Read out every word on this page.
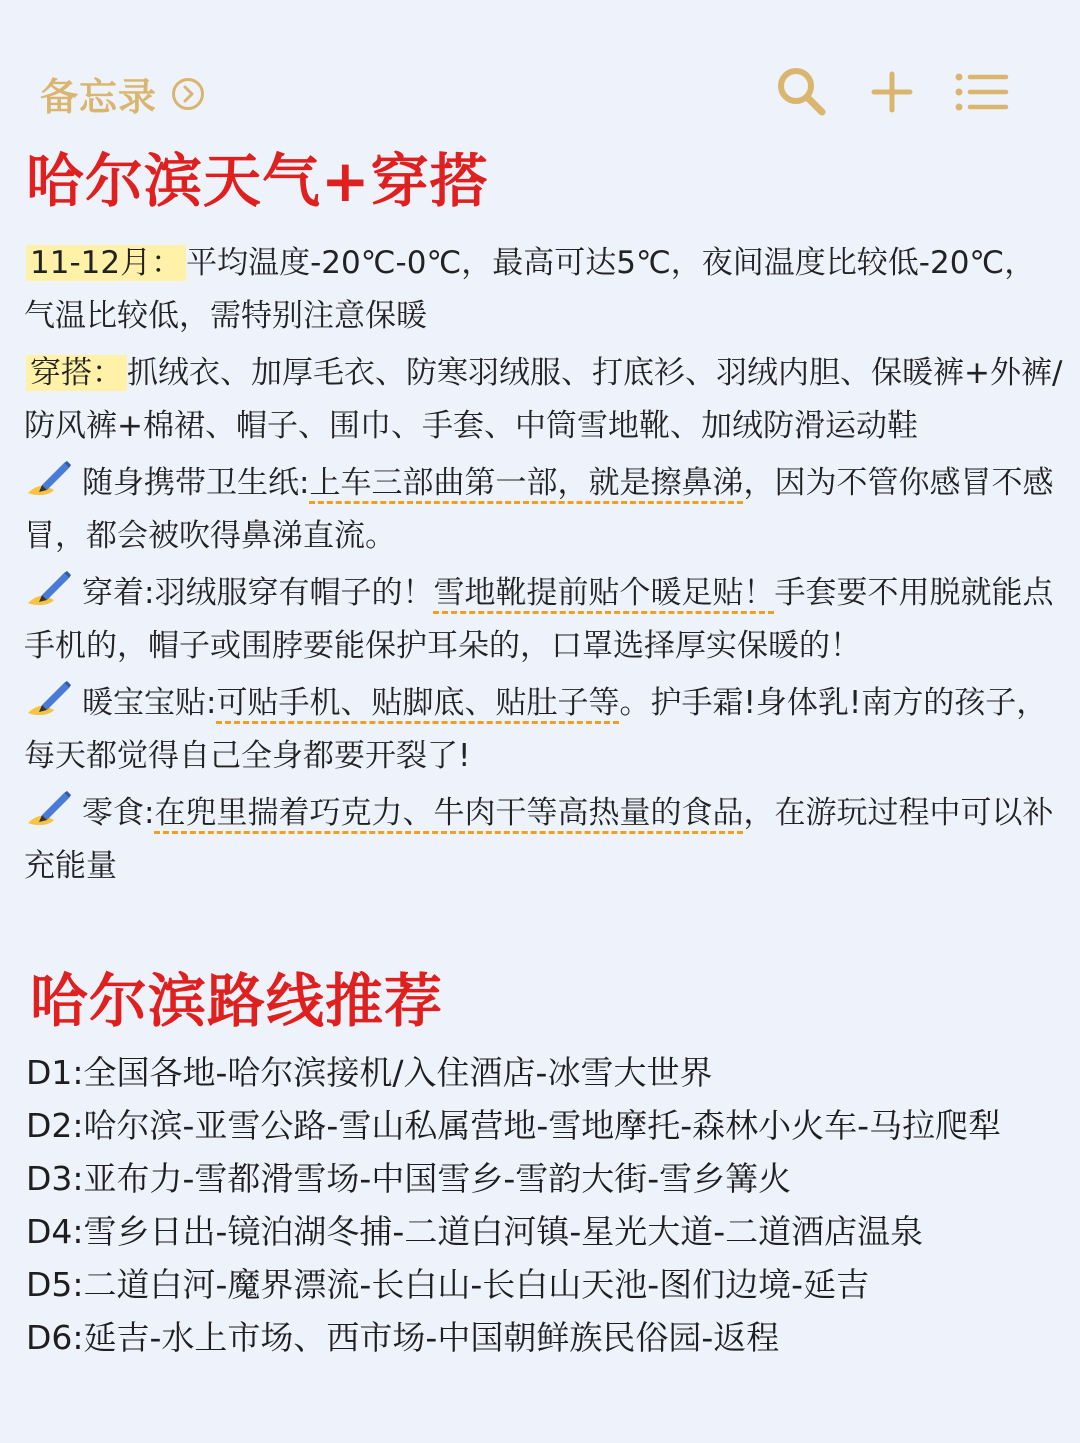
备忘录
哈尔滨天气+穿搭

11-12月： 平均温度-20℃-0℃，最高可达5℃，夜间温度比较低-20℃，气温比较低，需特别注意保暖

穿搭： 抓绒衣、加厚毛衣、防寒羽绒服、打底衫、羽绒内胆、保暖裤+外裤/防风裤+棉裙、帽子、围巾、手套、中筒雪地靴、加绒防滑运动鞋

随身携带卫生纸:上车三部曲第一部，就是擦鼻涕，因为不管你感冒不感冒，都会被吹得鼻涕直流。

穿着:羽绒服穿有帽子的！雪地靴提前贴个暖足贴！手套要不用脱就能点手机的，帽子或围脖要能保护耳朵的，口罩选择厚实保暖的！

暖宝宝贴:可贴手机、贴脚底、贴肚子等。护手霜!身体乳!南方的孩子，每天都觉得自己全身都要开裂了!

零食:在兜里揣着巧克力、牛肉干等高热量的食品，在游玩过程中可以补充能量

哈尔滨路线推荐

D1:全国各地-哈尔滨接机/入住酒店-冰雪大世界

D2:哈尔滨-亚雪公路-雪山私属营地-雪地摩托-森林小火车-马拉爬犁

D3:亚布力-雪都滑雪场-中国雪乡-雪韵大街-雪乡篝火

D4:雪乡日出-镜泊湖冬捕-二道白河镇-星光大道-二道酒店温泉

D5:二道白河-魔界漂流-长白山-长白山天池-图们边境-延吉

D6:延吉-水上市场、西市场-中国朝鲜族民俗园-返程
